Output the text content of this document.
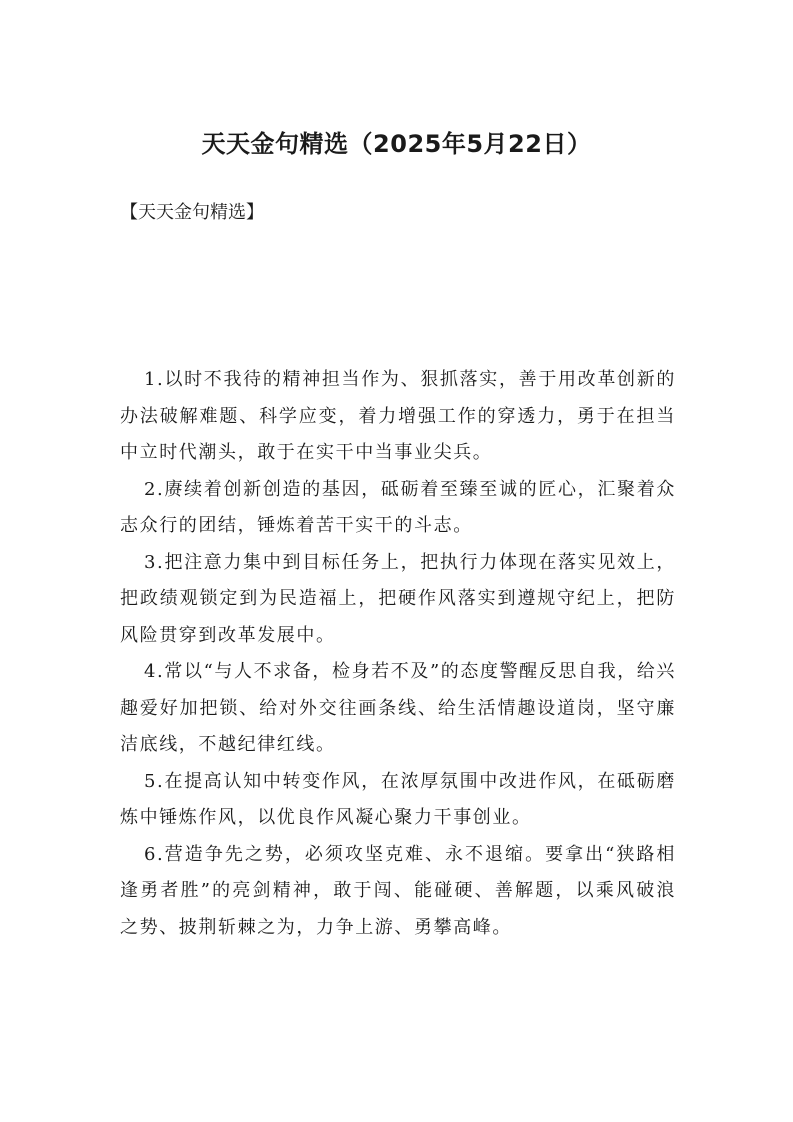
天天金句精选（2025年5月22日）

【天天金句精选】

1.以时不我待的精神担当作为、狠抓落实，善于用改革创新的办法破解难题、科学应变，着力增强工作的穿透力，勇于在担当中立时代潮头，敢于在实干中当事业尖兵。

2.赓续着创新创造的基因，砥砺着至臻至诚的匠心，汇聚着众志众行的团结，锤炼着苦干实干的斗志。

3.把注意力集中到目标任务上，把执行力体现在落实见效上，把政绩观锁定到为民造福上，把硬作风落实到遵规守纪上，把防风险贯穿到改革发展中。

4.常以“与人不求备，检身若不及”的态度警醒反思自我，给兴趣爱好加把锁、给对外交往画条线、给生活情趣设道岗，坚守廉洁底线，不越纪律红线。

5.在提高认知中转变作风，在浓厚氛围中改进作风，在砥砺磨炼中锤炼作风，以优良作风凝心聚力干事创业。

6.营造争先之势，必须攻坚克难、永不退缩。要拿出“狭路相逢勇者胜”的亮剑精神，敢于闯、能碰硬、善解题，以乘风破浪之势、披荆斩棘之为，力争上游、勇攀高峰。
